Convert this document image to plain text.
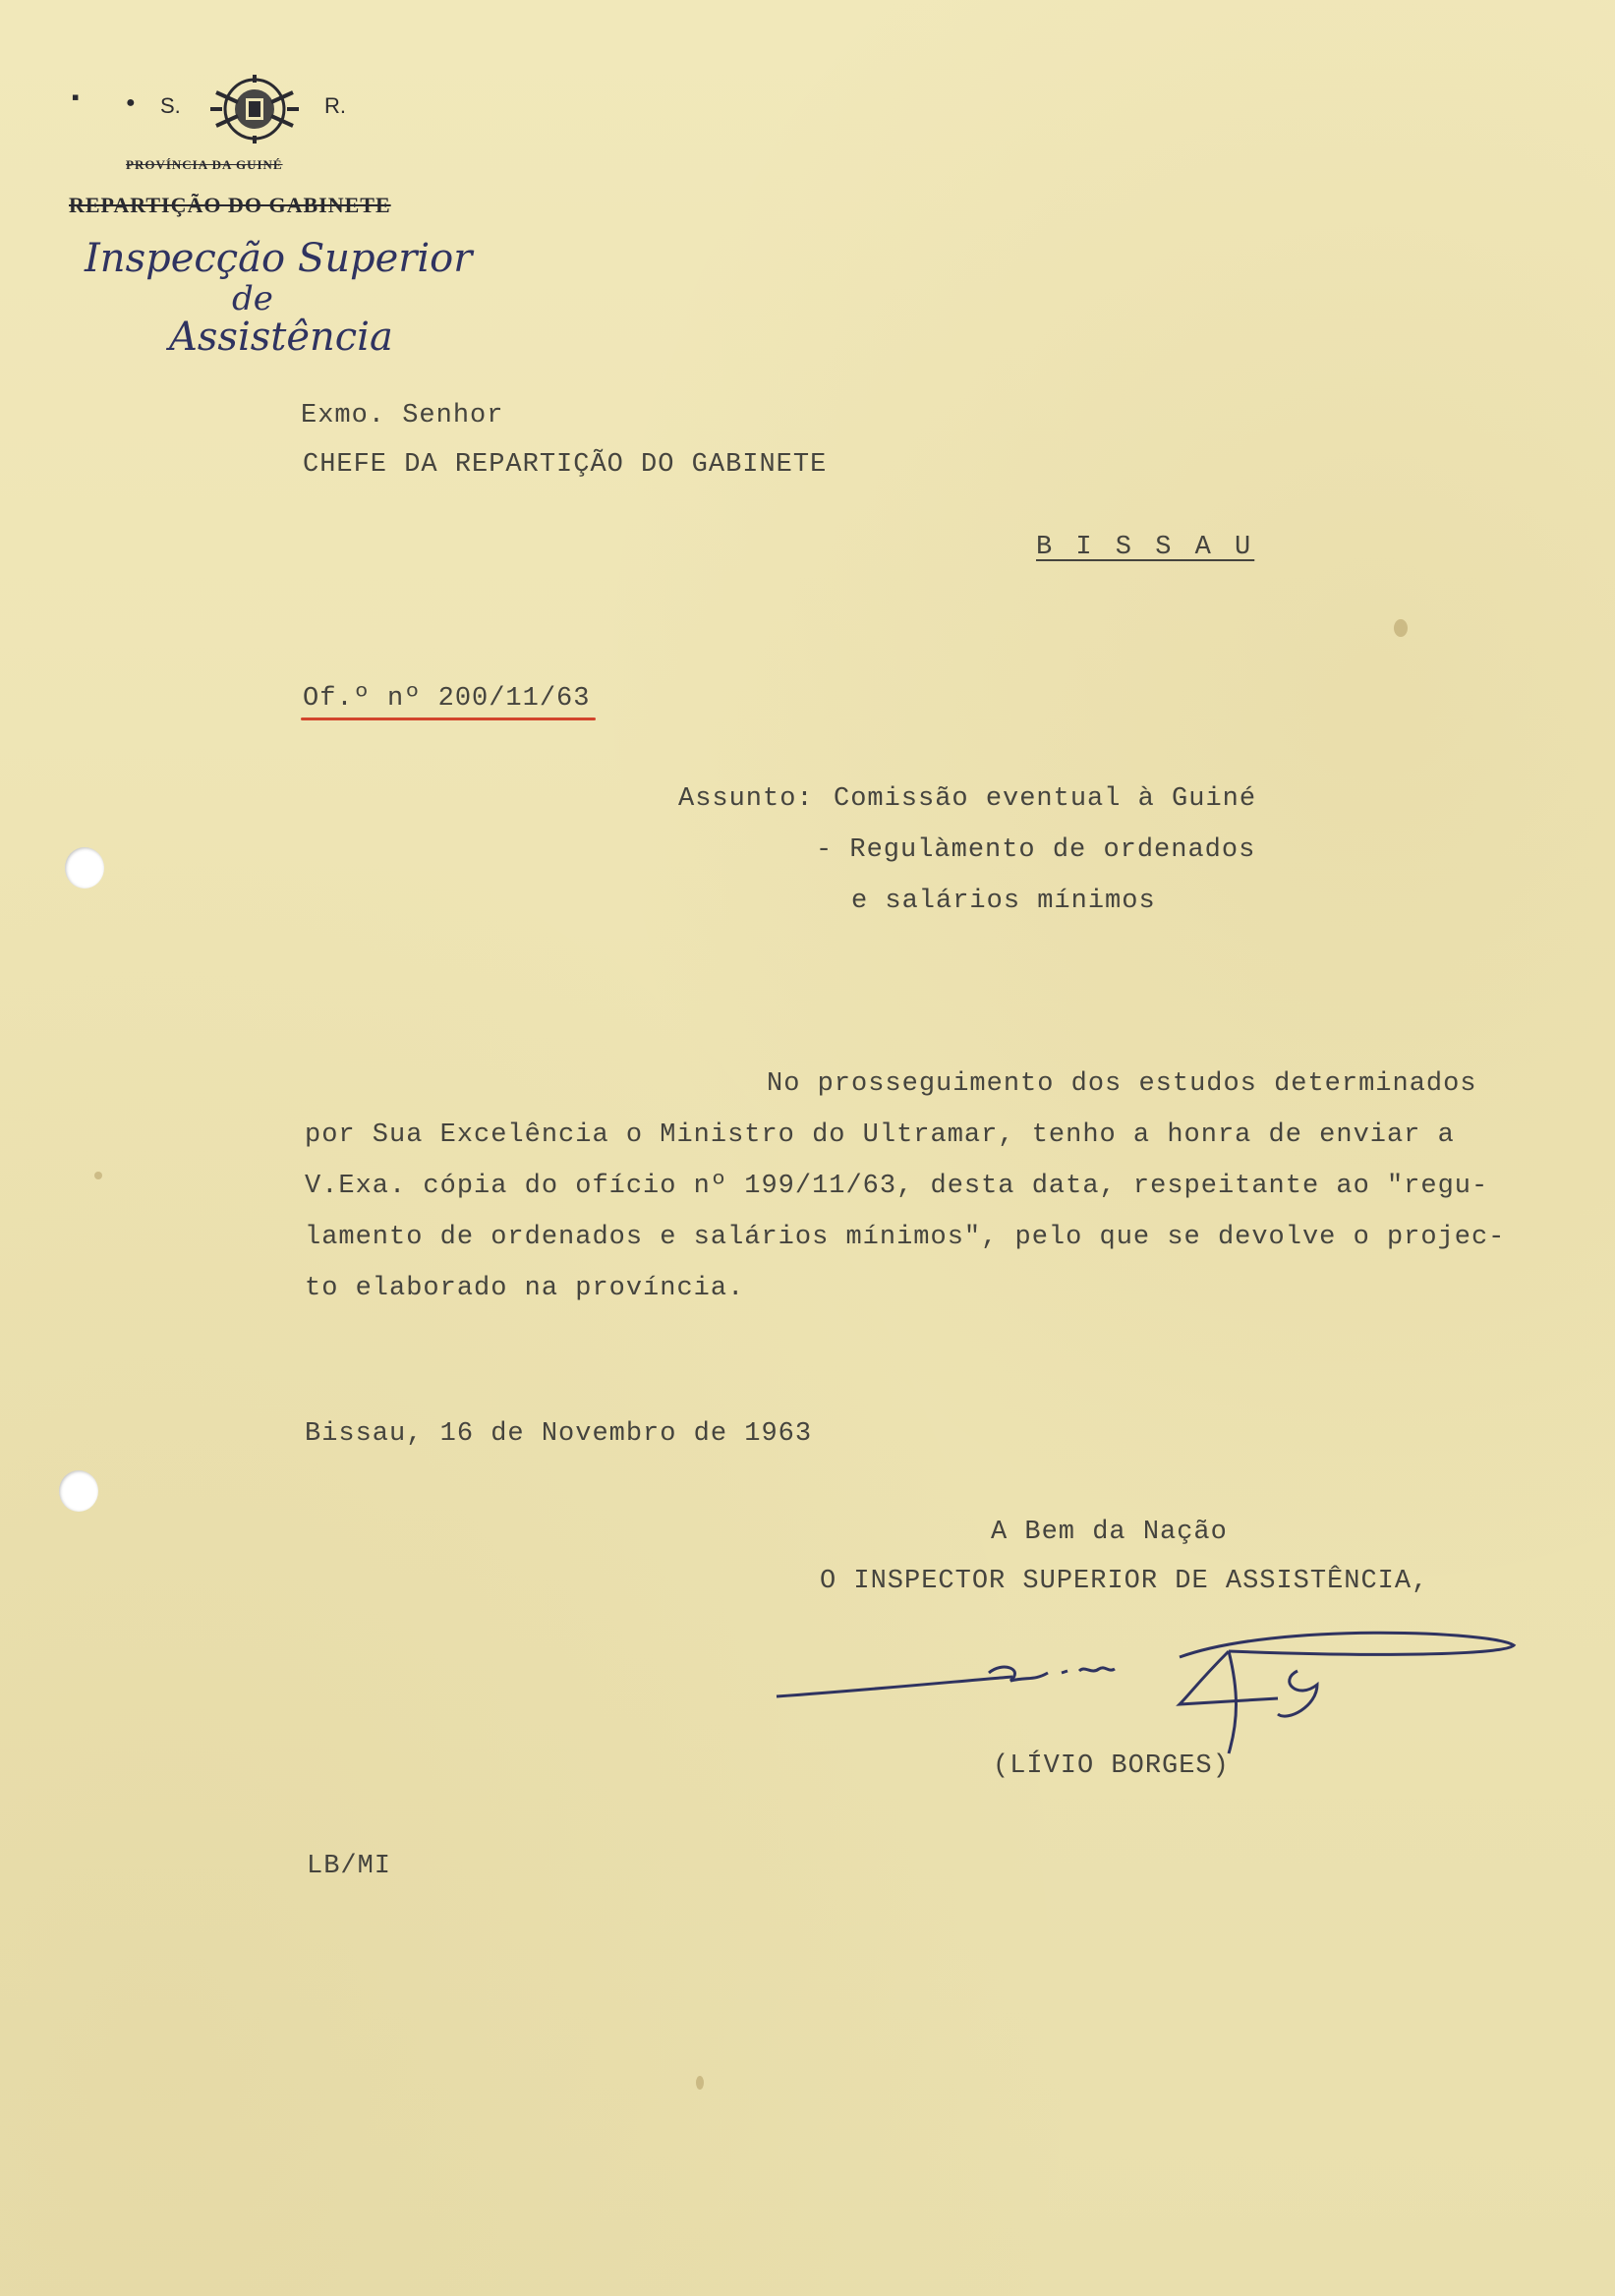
▪	● S.	R.
PROVÍNCIA DA GUINÉ
REPARTIÇÃO DO GABINETE
Inspecção Superior
de
Assistência
Exmo. Senhor
CHEFE DA REPARTIÇÃO DO GABINETE
B I S S A U
Of.º nº 200/11/63
Assunto: Comissão eventual à Guiné
- Regulàmento de ordenados
e salários mínimos
No prosseguimento dos estudos determinados
por Sua Excelência o Ministro do Ultramar, tenho a honra de enviar a
V.Exa. cópia do ofício nº 199/11/63, desta data, respeitante ao "regu-
lamento de ordenados e salários mínimos", pelo que se devolve o projec-
to elaborado na província.
Bissau, 16 de Novembro de 1963
A Bem da Nação
O INSPECTOR SUPERIOR DE ASSISTÊNCIA,
(LÍVIO BORGES)
LB/MI
